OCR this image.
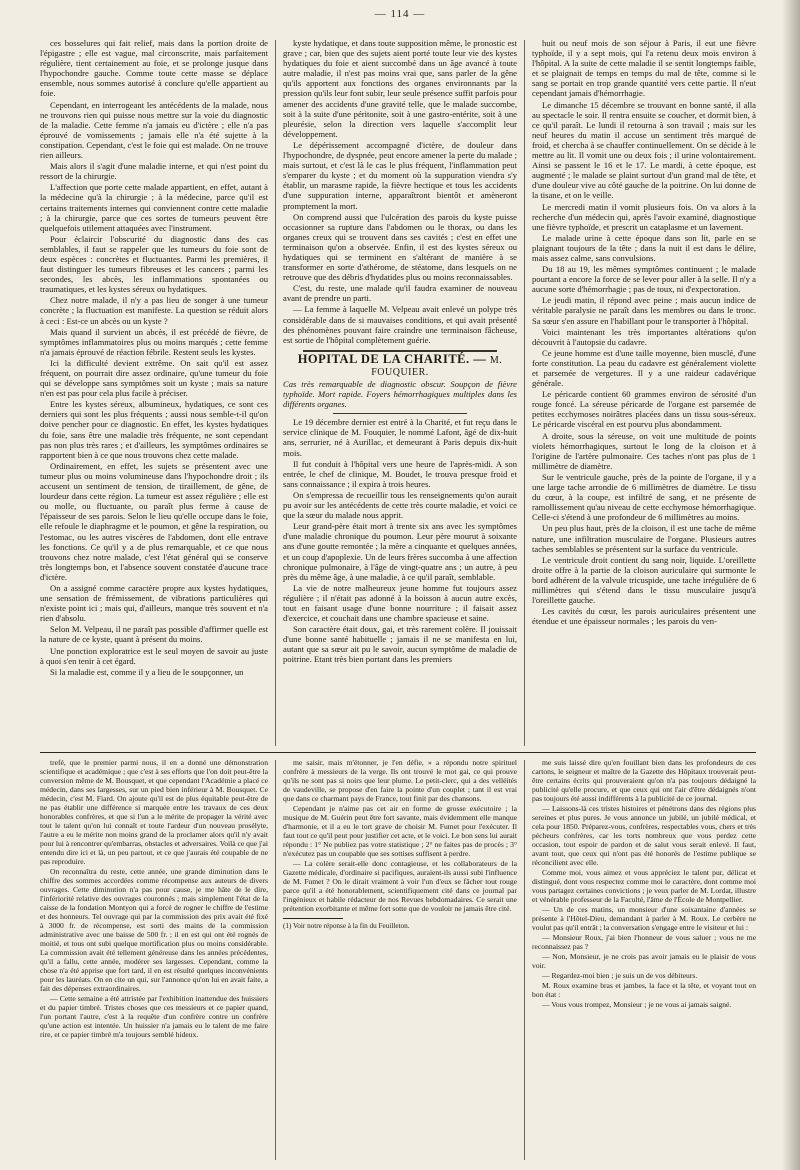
— 114 —

ces bosselures qui fait relief, mais dans la portion droite de l'épigastre ; elle est vague, mal circonscrite, mais parfaitement régulière, tient certainement au foie, et se prolonge jusque dans l'hypochondre gauche. Comme toute cette masse se déplace ensemble, nous sommes autorisé à conclure qu'elle appartient au foie.

Cependant, en interrogeant les antécédents de la malade, nous ne trouvons rien qui puisse nous mettre sur la voie du diagnostic de la maladie. Cette femme n'a jamais eu d'ictère ; elle n'a pas éprouvé de vomissements ; jamais elle n'a été sujette à la constipation. Cependant, c'est le foie qui est malade. On ne trouve rien ailleurs.

Mais alors il s'agit d'une maladie interne, et qui n'est point du ressort de la chirurgie.

L'affection que porte cette malade appartient, en effet, autant à la médecine qu'à la chirurgie ; à la médecine, parce qu'il est certains traitements internes qui conviennent contre cette maladie ; à la chirurgie, parce que ces sortes de tumeurs peuvent être quelquefois utilement attaquées avec l'instrument.

Pour éclaircir l'obscurité du diagnostic dans des cas semblables, il faut se rappeler que les tumeurs du foie sont de deux espèces : concrètes et fluctuantes. Parmi les premières, il faut distinguer les tumeurs fibreuses et les cancers ; parmi les secondes, les abcès, les inflammations spontanées ou traumatiques, et les kystes séreux ou hydatiques.

Chez notre malade, il n'y a pas lieu de songer à une tumeur concrète ; la fluctuation est manifeste. La question se réduit alors à ceci : Est-ce un abcès ou un kyste ?

Mais quand il survient un abcès, il est précédé de fièvre, de symptômes inflammatoires plus ou moins marqués ; cette femme n'a jamais éprouvé de réaction fébrile. Restent seuls les kystes.

Ici la difficulté devient extrême. On sait qu'il est assez fréquent, on pourrait dire assez ordinaire, qu'une tumeur du foie qui se développe sans symptômes soit un kyste ; mais sa nature n'en est pas pour cela plus facile à préciser.

Entre les kystes séreux, albumineux, hydatiques, ce sont ces derniers qui sont les plus fréquents ; aussi nous semble-t-il qu'on doive pencher pour ce diagnostic. En effet, les kystes hydatiques du foie, sans être une maladie très fréquente, ne sont cependant pas non plus très rares ; et d'ailleurs, les symptômes ordinaires se rapportent bien à ce que nous trouvons chez cette malade.

Ordinairement, en effet, les sujets se présentent avec une tumeur plus ou moins volumineuse dans l'hypochondre droit ; ils accusent un sentiment de tension, de tiraillement, de gêne, de lourdeur dans cette région. La tumeur est assez régulière ; elle est ou molle, ou fluctuante, ou paraît plus ferme à cause de l'épaisseur de ses parois. Selon le lieu qu'elle occupe dans le foie, elle refoule le diaphragme et le poumon, et gêne la respiration, ou l'estomac, ou les autres viscères de l'abdomen, dont elle entrave les fonctions. Ce qu'il y a de plus remarquable, et ce que nous trouvons chez notre malade, c'est l'état général qui se conserve très longtemps bon, et l'absence souvent constatée d'aucune trace d'ictère.

On a assigné comme caractère propre aux kystes hydatiques, une sensation de frémissement, de vibrations particulières qui n'existe point ici ; mais qui, d'ailleurs, manque très souvent et n'a rien d'absolu.

Selon M. Velpeau, il ne paraît pas possible d'affirmer quelle est la nature de ce kyste, quant à présent du moins.

Une ponction exploratrice est le seul moyen de savoir au juste à quoi s'en tenir à cet égard.

Si la maladie est, comme il y a lieu de le soupçonner, un

kyste hydatique, et dans toute supposition même, le pronostic est grave ; car, bien que des sujets aient porté toute leur vie des kystes hydatiques du foie et aient succombé dans un âge avancé à toute autre maladie, il n'est pas moins vrai que, sans parler de la gêne qu'ils apportent aux fonctions des organes environnants par la pression qu'ils leur font subir, leur seule présence suffit parfois pour amener des accidents d'une gravité telle, que le malade succombe, soit à la suite d'une péritonite, soit à une gastro-entérite, soit à une pleurésie, selon la direction vers laquelle s'accomplit leur développement.

Le dépérissement accompagné d'ictère, de douleur dans l'hypochondre, de dyspnée, peut encore amener la perte du malade ; mais surtout, et c'est là le cas le plus fréquent, l'inflammation peut s'emparer du kyste ; et du moment où la suppuration viendra s'y établir, un marasme rapide, la fièvre hectique et tous les accidents d'une suppuration interne, apparaîtront bientôt et amèneront promptement la mort.

On comprend aussi que l'ulcération des parois du kyste puisse occasionner sa rupture dans l'abdomen ou le thorax, ou dans les organes creux qui se trouvent dans ses cavités ; c'est en effet une terminaison qu'on a observée. Enfin, il est des kystes séreux ou hydatiques qui se terminent en s'altérant de manière à se transformer en sorte d'athérome, de stéatome, dans lesquels on ne retrouve que des débris d'hydatides plus ou moins reconnaissables.

C'est, du reste, une malade qu'il faudra examiner de nouveau avant de prendre un parti.

— La femme à laquelle M. Velpeau avait enlevé un polype très considérable dans de si mauvaises conditions, et qui avait présenté des phénomènes pouvant faire craindre une terminaison fâcheuse, est sortie de l'hôpital complètement guérie.

HOPITAL DE LA CHARITÉ. — M. FOUQUIER.

Cas très remarquable de diagnostic obscur. Soupçon de fièvre typhoïde. Mort rapide. Foyers hémorrhagiques multiples dans les différents organes.

Le 19 décembre dernier est entré à la Charité, et fut reçu dans le service clinique de M. Fouquier, le nommé Lafont, âgé de dix-huit ans, serrurier, né à Aurillac, et demeurant à Paris depuis dix-huit mois.

Il fut conduit à l'hôpital vers une heure de l'après-midi. A son entrée, le chef de clinique, M. Boudet, le trouva presque froid et sans connaissance ; il expira à trois heures.

On s'empressa de recueillir tous les renseignements qu'on aurait pu avoir sur les antécédents de cette très courte maladie, et voici ce que la sœur du malade nous apprit.

Leur grand-père était mort à trente six ans avec les symptômes d'une maladie chronique du poumon. Leur père mourut à soixante ans d'une goutte remontée ; la mère a cinquante et quelques années, et un coup d'apoplexie. Un de leurs frères succomba à une affection chronique pulmonaire, à l'âge de vingt-quatre ans ; un autre, à peu près du même âge, à une maladie, à ce qu'il paraît, semblable.

La vie de notre malheureux jeune homme fut toujours assez régulière ; il n'était pas adonné à la boisson à aucun autre excès, tout en faisant usage d'une bonne nourriture ; il faisait assez d'exercice, et couchait dans une chambre spacieuse et saine.

Son caractère était doux, gai, et très rarement colère. Il jouissait d'une bonne santé habituelle ; jamais il ne se manifesta en lui, autant que sa sœur ait pu le savoir, aucun symptôme de maladie de poitrine. Etant très bien portant dans les premiers

huit ou neuf mois de son séjour à Paris, il eut une fièvre typhoïde, il y a sept mois, qui l'a retenu deux mois environ à l'hôpital. A la suite de cette maladie il se sentit longtemps faible, et se plaignait de temps en temps du mal de tête, comme si le sang se portait en trop grande quantité vers cette partie. Il n'eut cependant jamais d'hémorrhagie.

Le dimanche 15 décembre se trouvant en bonne santé, il alla au spectacle le soir. Il rentra ensuite se coucher, et dormit bien, à ce qu'il paraît. Le lundi il retourna à son travail ; mais sur les neuf heures du matin il accuse un sentiment très marqué de froid, et chercha à se chauffer continuellement. On se décide à le mettre au lit. Il vomit une ou deux fois ; il urine volontairement. Ainsi se passent le 16 et le 17. Le mardi, à cette époque, est augmenté ; le malade se plaint surtout d'un grand mal de tête, et d'une douleur vive au côté gauche de la poitrine. On lui donne de la tisane, et on le veille.

Le mercredi matin il vomit plusieurs fois. On va alors à la recherche d'un médecin qui, après l'avoir examiné, diagnostique une fièvre typhoïde, et prescrit un cataplasme et un lavement.

Le malade urine à cette époque dans son lit, parle en se plaignant toujours de la tête ; dans la nuit il est dans le délire, mais assez calme, sans convulsions.

Du 18 au 19, les mêmes symptômes continuent ; le malade pourtant a encore la force de se lever pour aller à la selle. Il n'y a aucune sorte d'hémorrhagie ; pas de toux, ni d'expectoration.

Le jeudi matin, il répond avec peine ; mais aucun indice de véritable paralysie ne paraît dans les membres ou dans le tronc. Sa sœur s'en assure en l'habillant pour le transporter à l'hôpital.

Voici maintenant les très importantes altérations qu'on découvrit à l'autopsie du cadavre.

Ce jeune homme est d'une taille moyenne, bien musclé, d'une forte constitution. La peau du cadavre est généralement violette et parsemée de vergetures. Il y a une raideur cadavérique générale.

Le péricarde contient 60 grammes environ de sérosité d'un rouge foncé. La séreuse péricarde de l'organe est parsemée de petites ecchymoses noirâtres placées dans un tissu sous-séreux. Le péricarde viscéral en est pourvu plus abondamment.

A droite, sous la séreuse, on voit une multitude de points violets hémorrhagiques, surtout le long de la cloison et à l'origine de l'artère pulmonaire. Ces taches n'ont pas plus de 1 millimètre de diamètre.

Sur le ventricule gauche, près de la pointe de l'organe, il y a une large tache arrondie de 6 millimètres de diamètre. Le tissu du cœur, à la coupe, est infiltré de sang, et ne présente de ramollissement qu'au niveau de cette ecchymose hémorrhagique. Celle-ci s'étend à une profondeur de 6 millimètres au moins.

Un peu plus haut, près de la cloison, il est une tache de même nature, une infiltration musculaire de l'organe. Plusieurs autres taches semblables se présentent sur la surface du ventricule.

Le ventricule droit contient du sang noir, liquide. L'oreillette droite offre à la partie de la cloison auriculaire qui surmonte le bord adhérent de la valvule tricuspide, une tache irrégulière de 6 millimètres qui s'étend dans le tissu musculaire jusqu'à l'oreillette gauche.

Les cavités du cœur, les parois auriculaires présentent une étendue et une épaisseur normales ; les parois du ven-

trefé, que le premier parmi nous, il en a donné une démonstration scientifique et académique ; que c'est à ses efforts que l'on doit peut-être la conversion même de M. Bousquet, et que cependant l'Académie a placé ce médecin, dans ses largesses, sur un pied bien inférieur à M. Bousquet. Ce médecin, c'est M. Fiard. On ajoute qu'il est de plus équitable peut-être de ne pas établir une différence si marquée entre les travaux de ces deux honorables confrères, et que si l'un a le mérite de propager la vérité avec tout le talent qu'on lui connaît et toute l'ardeur d'un nouveau prosélyte, l'autre a eu le mérite non moins grand de la proclamer alors qu'il n'y avait pour lui à rencontrer qu'embarras, obstacles et adversaires. Voilà ce que j'ai entendu dire ici et là, un peu partout, et ce que j'aurais été coupable de ne pas reproduire.

On reconnaîtra du reste, cette année, une grande diminution dans le chiffre des sommes accordées comme récompense aux auteurs de divers ouvrages. Cette diminution n'a pas pour cause, je me hâte de le dire, l'infériorité relative des ouvrages couronnés ; mais simplement l'état de la caisse de la fondation Montyon qui a forcé de rogner le chiffre de l'estime et des honneurs. Tel ouvrage qui par la commission des prix avait été fixé à 3000 fr. de récompense, est sorti des mains de la commission administrative avec une baisse de 500 fr. ; il en est qui ont été rognés de moitié, et tous ont subi quelque mortification plus ou moins considérable. La commission avait été tellement généreuse dans les années précédentes, qu'il a fallu, cette année, modérer ses largesses. Cependant, comme la chose n'a été apprise que fort tard, il en est résulté quelques inconvénients pour les lauréats. On en cite un qui, sur l'annonce qu'on lui en avait faite, a fait des dépenses extraordinaires.

— Cette semaine a été attristée par l'exhibition inattendue des huissiers et du papier timbré. Tristes choses que ces messieurs et ce papier quand, l'un portant l'autre, c'est à la requête d'un confrère contre un confrère qu'une action est intentée. Un huissier n'a jamais eu le talent de me faire rire, et ce papier timbré m'a toujours semblé hideux.

me saisir, mais m'étonner, je l'en défie, » a répondu notre spirituel confrère à messieurs de la verge. Ils ont trouvé le mot gai, ce qui prouve qu'ils ne sont pas si noirs que leur plume. Le petit-clerc, qui a des velléités de vaudeville, se propose d'en faire la pointe d'un couplet ; tant il est vrai que dans ce charmant pays de France, tout finit par des chansons.

Cependant je n'aime pas cet air en forme de grosse exécutoire ; la musique de M. Guérin peut être fort savante, mais évidemment elle manque d'harmonie, et il a eu le tort grave de choisir M. Fumet pour l'exécuter. Il faut tout ce qu'il peut pour justifier cet acte, et le voici. Le bon sens lui aurait répondu : 1° Ne publiez pas votre statistique ; 2° ne faites pas de procès ; 3° n'exécutez pas un coupable que ses sottises suffisent à perdre.

— La colère serait-elle donc contagieuse, et les collaborateurs de la Gazette médicale, d'ordinaire si pacifiques, auraient-ils aussi subi l'influence de M. Fumet ? On le dirait vraiment à voir l'un d'eux se fâcher tout rouge parce qu'il a été honorablement, scientifiquement cité dans ce journal par l'ingénieux et habile rédacteur de nos Revues hebdomadaires. Ce serait une prétention exorbitante et même fort sotte que de vouloir ne jamais être cité.

(1) Voir notre réponse à la fin du Feuilleton.

me suis laissé dire qu'en fouillant bien dans les profondeurs de ces cartons, le seigneur et maître de la Gazette des Hôpitaux trouverait peut-être certains écrits qui prouveraient qu'on n'a pas toujours dédaigné la publicité qu'elle procure, et que ceux qui ont l'air d'être dédaignés n'ont pas toujours été aussi indifférents à la publicité de ce journal.

— Laissons-là ces tristes histoires et pénétrons dans des régions plus sereines et plus pures. Je vous annonce un jubilé, un jubilé médical, et cela pour 1850. Préparez-vous, confrères, respectables vous, chers et très pécheurs confrères, car les torts nombreux que vous perdez cette occasion, tout espoir de pardon et de salut vous serait enlevé. Il faut, avant tout, que ceux qui n'ont pas été honorés de l'estime publique se réconcilient avec elle.

Comme moi, vous aimez et vous appréciez le talent pur, délicat et distingué, dont vous respectez comme moi le caractère, dont comme moi vous partagez certaines convictions ; je veux parler de M. Lordat, illustre et vénérable professeur de la Faculté, l'âme de l'École de Montpellier.

— Un de ces matins, un monsieur d'une soixantaine d'années se présente à l'Hôtel-Dieu, demandant à parler à M. Roux. Le cerbère ne voulut pas qu'il entrât ; la conversation s'engage entre le visiteur et lui :

— Monsieur Roux, j'ai bien l'honneur de vous saluer ; vous ne me reconnaissez pas ?

— Non, Monsieur, je ne crois pas avoir jamais eu le plaisir de vous voir.

— Regardez-moi bien ; je suis un de vos débiteurs.

M. Roux examine bras et jambes, la face et la tête, et voyant tout en bon état :

— Vous vous trompez, Monsieur ; je ne vous ai jamais saigné.
